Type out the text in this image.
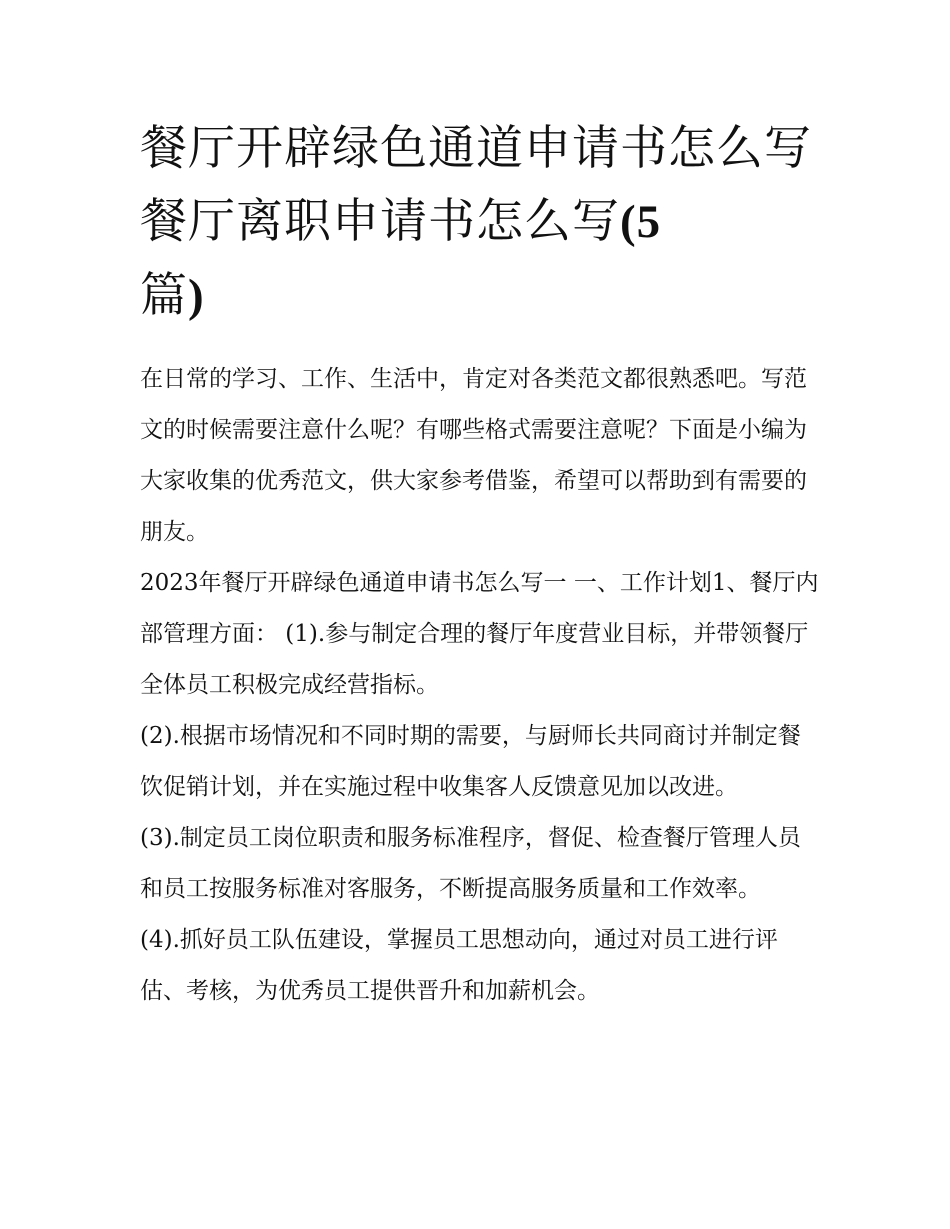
餐厅开辟绿色通道申请书怎么写 餐厅离职申请书怎么写(5
篇)

在日常的学习、工作、生活中，肯定对各类范文都很熟悉吧。写范文的时候需要注意什么呢？有哪些格式需要注意呢？下面是小编为大家收集的优秀范文，供大家参考借鉴，希望可以帮助到有需要的朋友。

2023年餐厅开辟绿色通道申请书怎么写一 一、工作计划1、餐厅内部管理方面： (1).参与制定合理的餐厅年度营业目标，并带领餐厅全体员工积极完成经营指标。

(2).根据市场情况和不同时期的需要，与厨师长共同商讨并制定餐饮促销计划，并在实施过程中收集客人反馈意见加以改进。

(3).制定员工岗位职责和服务标准程序，督促、检查餐厅管理人员和员工按服务标准对客服务，不断提高服务质量和工作效率。

(4).抓好员工队伍建设，掌握员工思想动向，通过对员工进行评估、考核，为优秀员工提供晋升和加薪机会。
